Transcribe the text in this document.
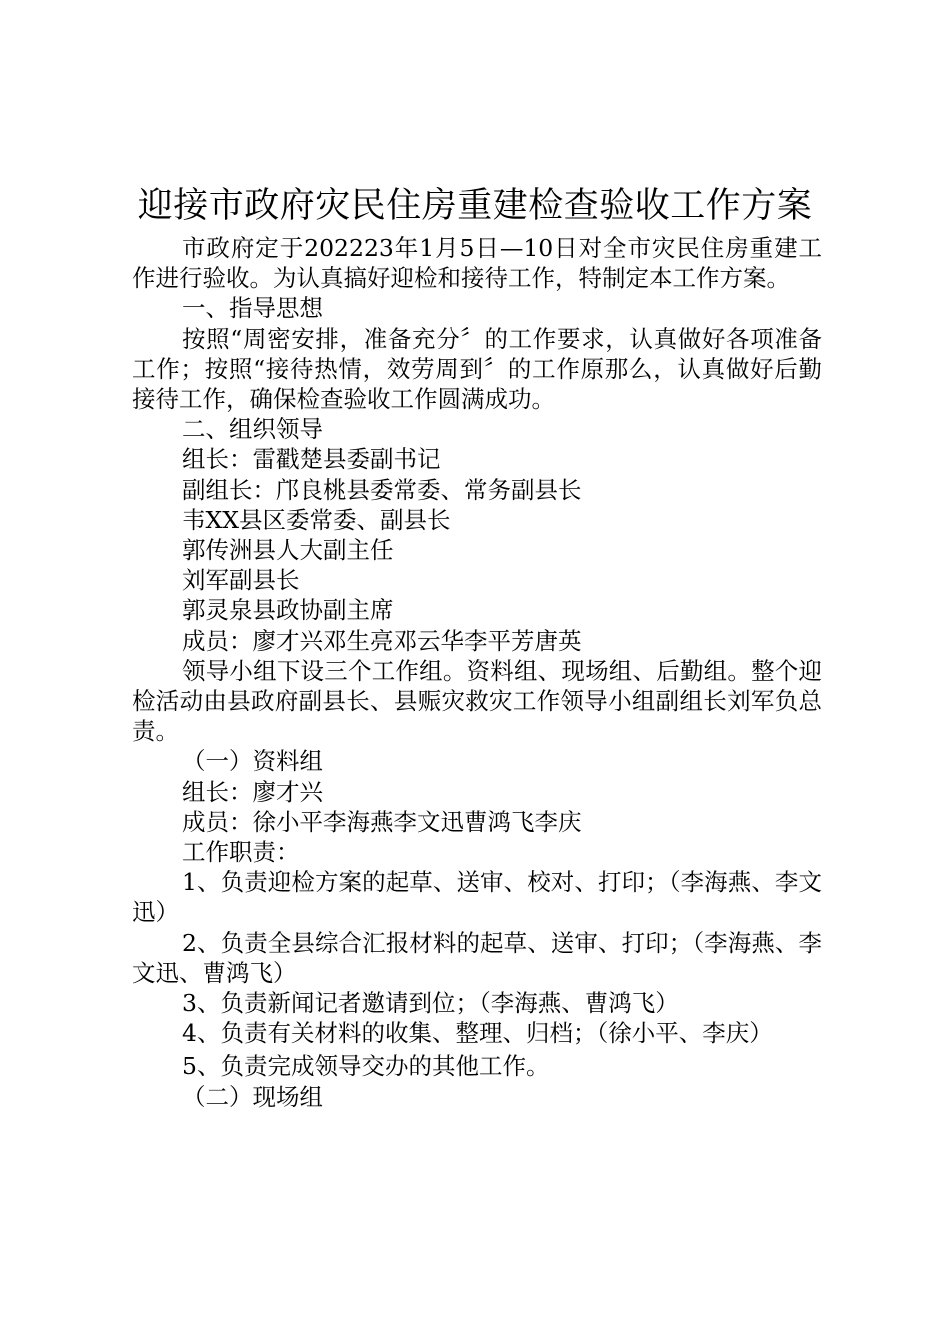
迎接市政府灾民住房重建检查验收工作方案

市政府定于202223年1月5日—10日对全市灾民住房重建工作进行验收。为认真搞好迎检和接待工作，特制定本工作方案。

一、指导思想

按照“周密安排，准备充分〞的工作要求，认真做好各项准备工作；按照“接待热情，效劳周到〞的工作原那么，认真做好后勤接待工作，确保检查验收工作圆满成功。

二、组织领导

组长：雷戳楚县委副书记

副组长：邝良桃县委常委、常务副县长

韦XX县区委常委、副县长

郭传洲县人大副主任

刘军副县长

郭灵泉县政协副主席

成员：廖才兴邓生亮邓云华李平芳唐英

领导小组下设三个工作组。资料组、现场组、后勤组。整个迎检活动由县政府副县长、县赈灾救灾工作领导小组副组长刘军负总责。

（一）资料组

组长：廖才兴

成员：徐小平李海燕李文迅曹鸿飞李庆

工作职责：

1、负责迎检方案的起草、送审、校对、打印；（李海燕、李文迅）

2、负责全县综合汇报材料的起草、送审、打印；（李海燕、李文迅、曹鸿飞）

3、负责新闻记者邀请到位；（李海燕、曹鸿飞）

4、负责有关材料的收集、整理、归档；（徐小平、李庆）

5、负责完成领导交办的其他工作。

（二）现场组
